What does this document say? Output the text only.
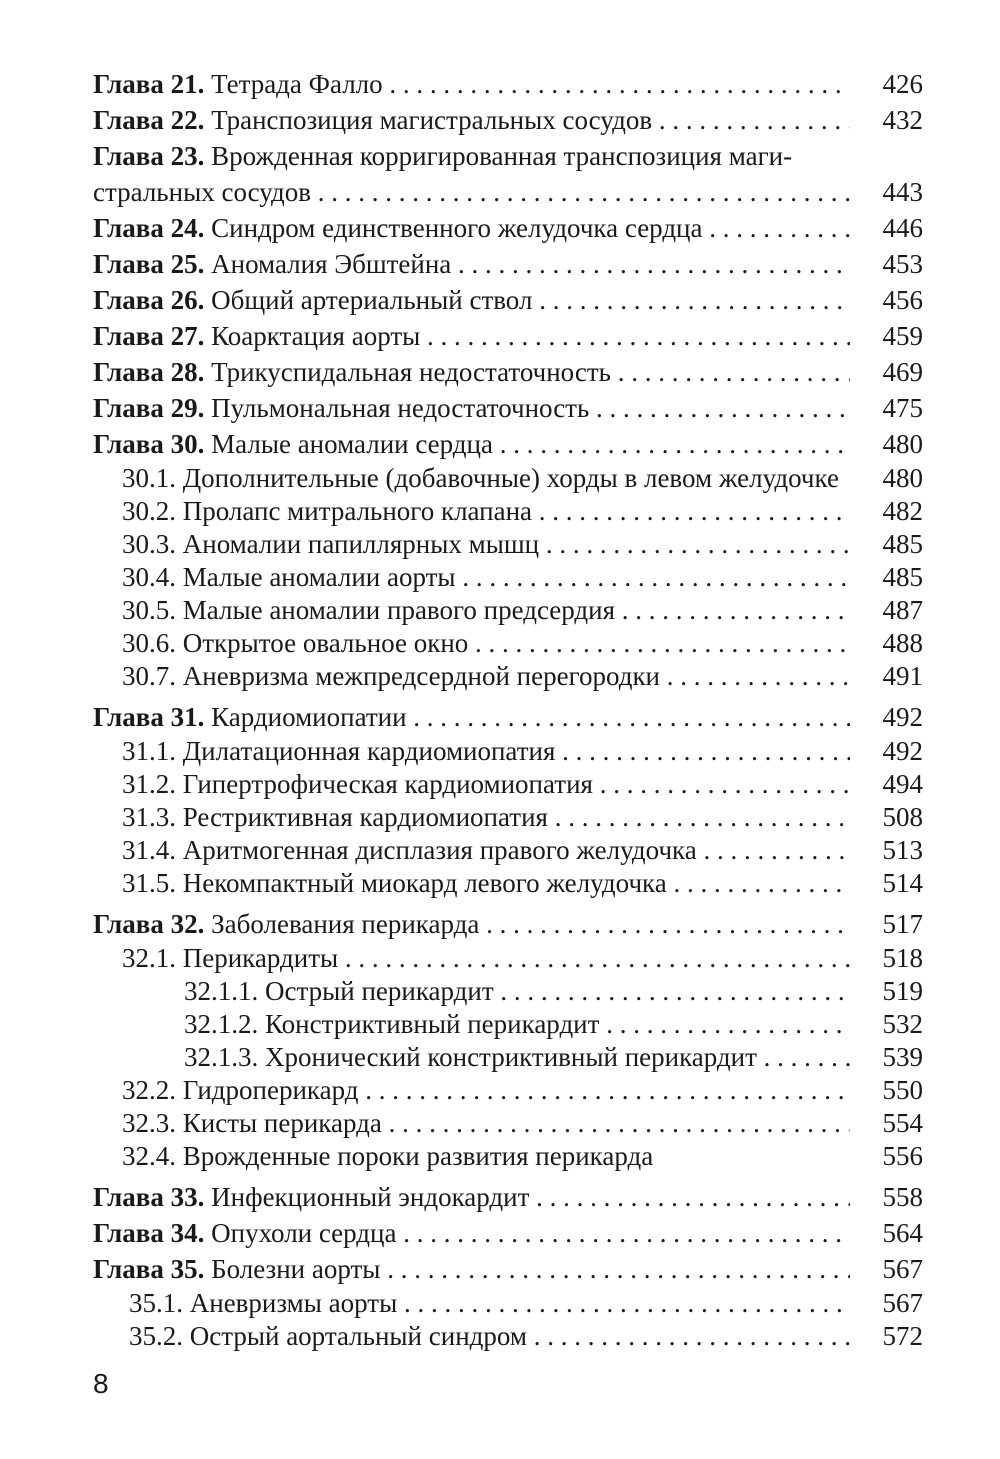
Глава 21. Тетрада Фалло . . .	426
Глава 22. Транспозиция магистральных сосудов . . .	432
Глава 23. Врожденная корригированная транспозиция маги-
стральных сосудов . . .	443
Глава 24. Синдром единственного желудочка сердца . . .	446
Глава 25. Аномалия Эбштейна . . .	453
Глава 26. Общий артериальный ствол . . .	456
Глава 27. Коарктация аорты . . .	459
Глава 28. Трикуспидальная недостаточность . . .	469
Глава 29. Пульмональная недостаточность . . .	475
Глава 30. Малые аномалии сердца . . .	480
30.1. Дополнительные (добавочные) хорды в левом желудочке	480
30.2. Пролапс митрального клапана . . .	482
30.3. Аномалии папиллярных мышц . . .	485
30.4. Малые аномалии аорты . . .	485
30.5. Малые аномалии правого предсердия . . .	487
30.6. Открытое овальное окно . . .	488
30.7. Аневризма межпредсердной перегородки . . .	491
Глава 31. Кардиомиопатии . . .	492
31.1. Дилатационная кардиомиопатия . . .	492
31.2. Гипертрофическая кардиомиопатия . . .	494
31.3. Рестриктивная кардиомиопатия . . .	508
31.4. Аритмогенная дисплазия правого желудочка . . .	513
31.5. Некомпактный миокард левого желудочка . . .	514
Глава 32. Заболевания перикарда . . .	517
32.1. Перикардиты . . .	518
32.1.1. Острый перикардит . . .	519
32.1.2. Констриктивный перикардит . . .	532
32.1.3. Хронический констриктивный перикардит . . .	539
32.2. Гидроперикард . . .	550
32.3. Кисты перикарда . . .	554
32.4. Врожденные пороки развития перикарда	556
Глава 33. Инфекционный эндокардит . . .	558
Глава 34. Опухоли сердца . . .	564
Глава 35. Болезни аорты . . .	567
35.1. Аневризмы аорты . . .	567
35.2. Острый аортальный синдром . . .	572
8
